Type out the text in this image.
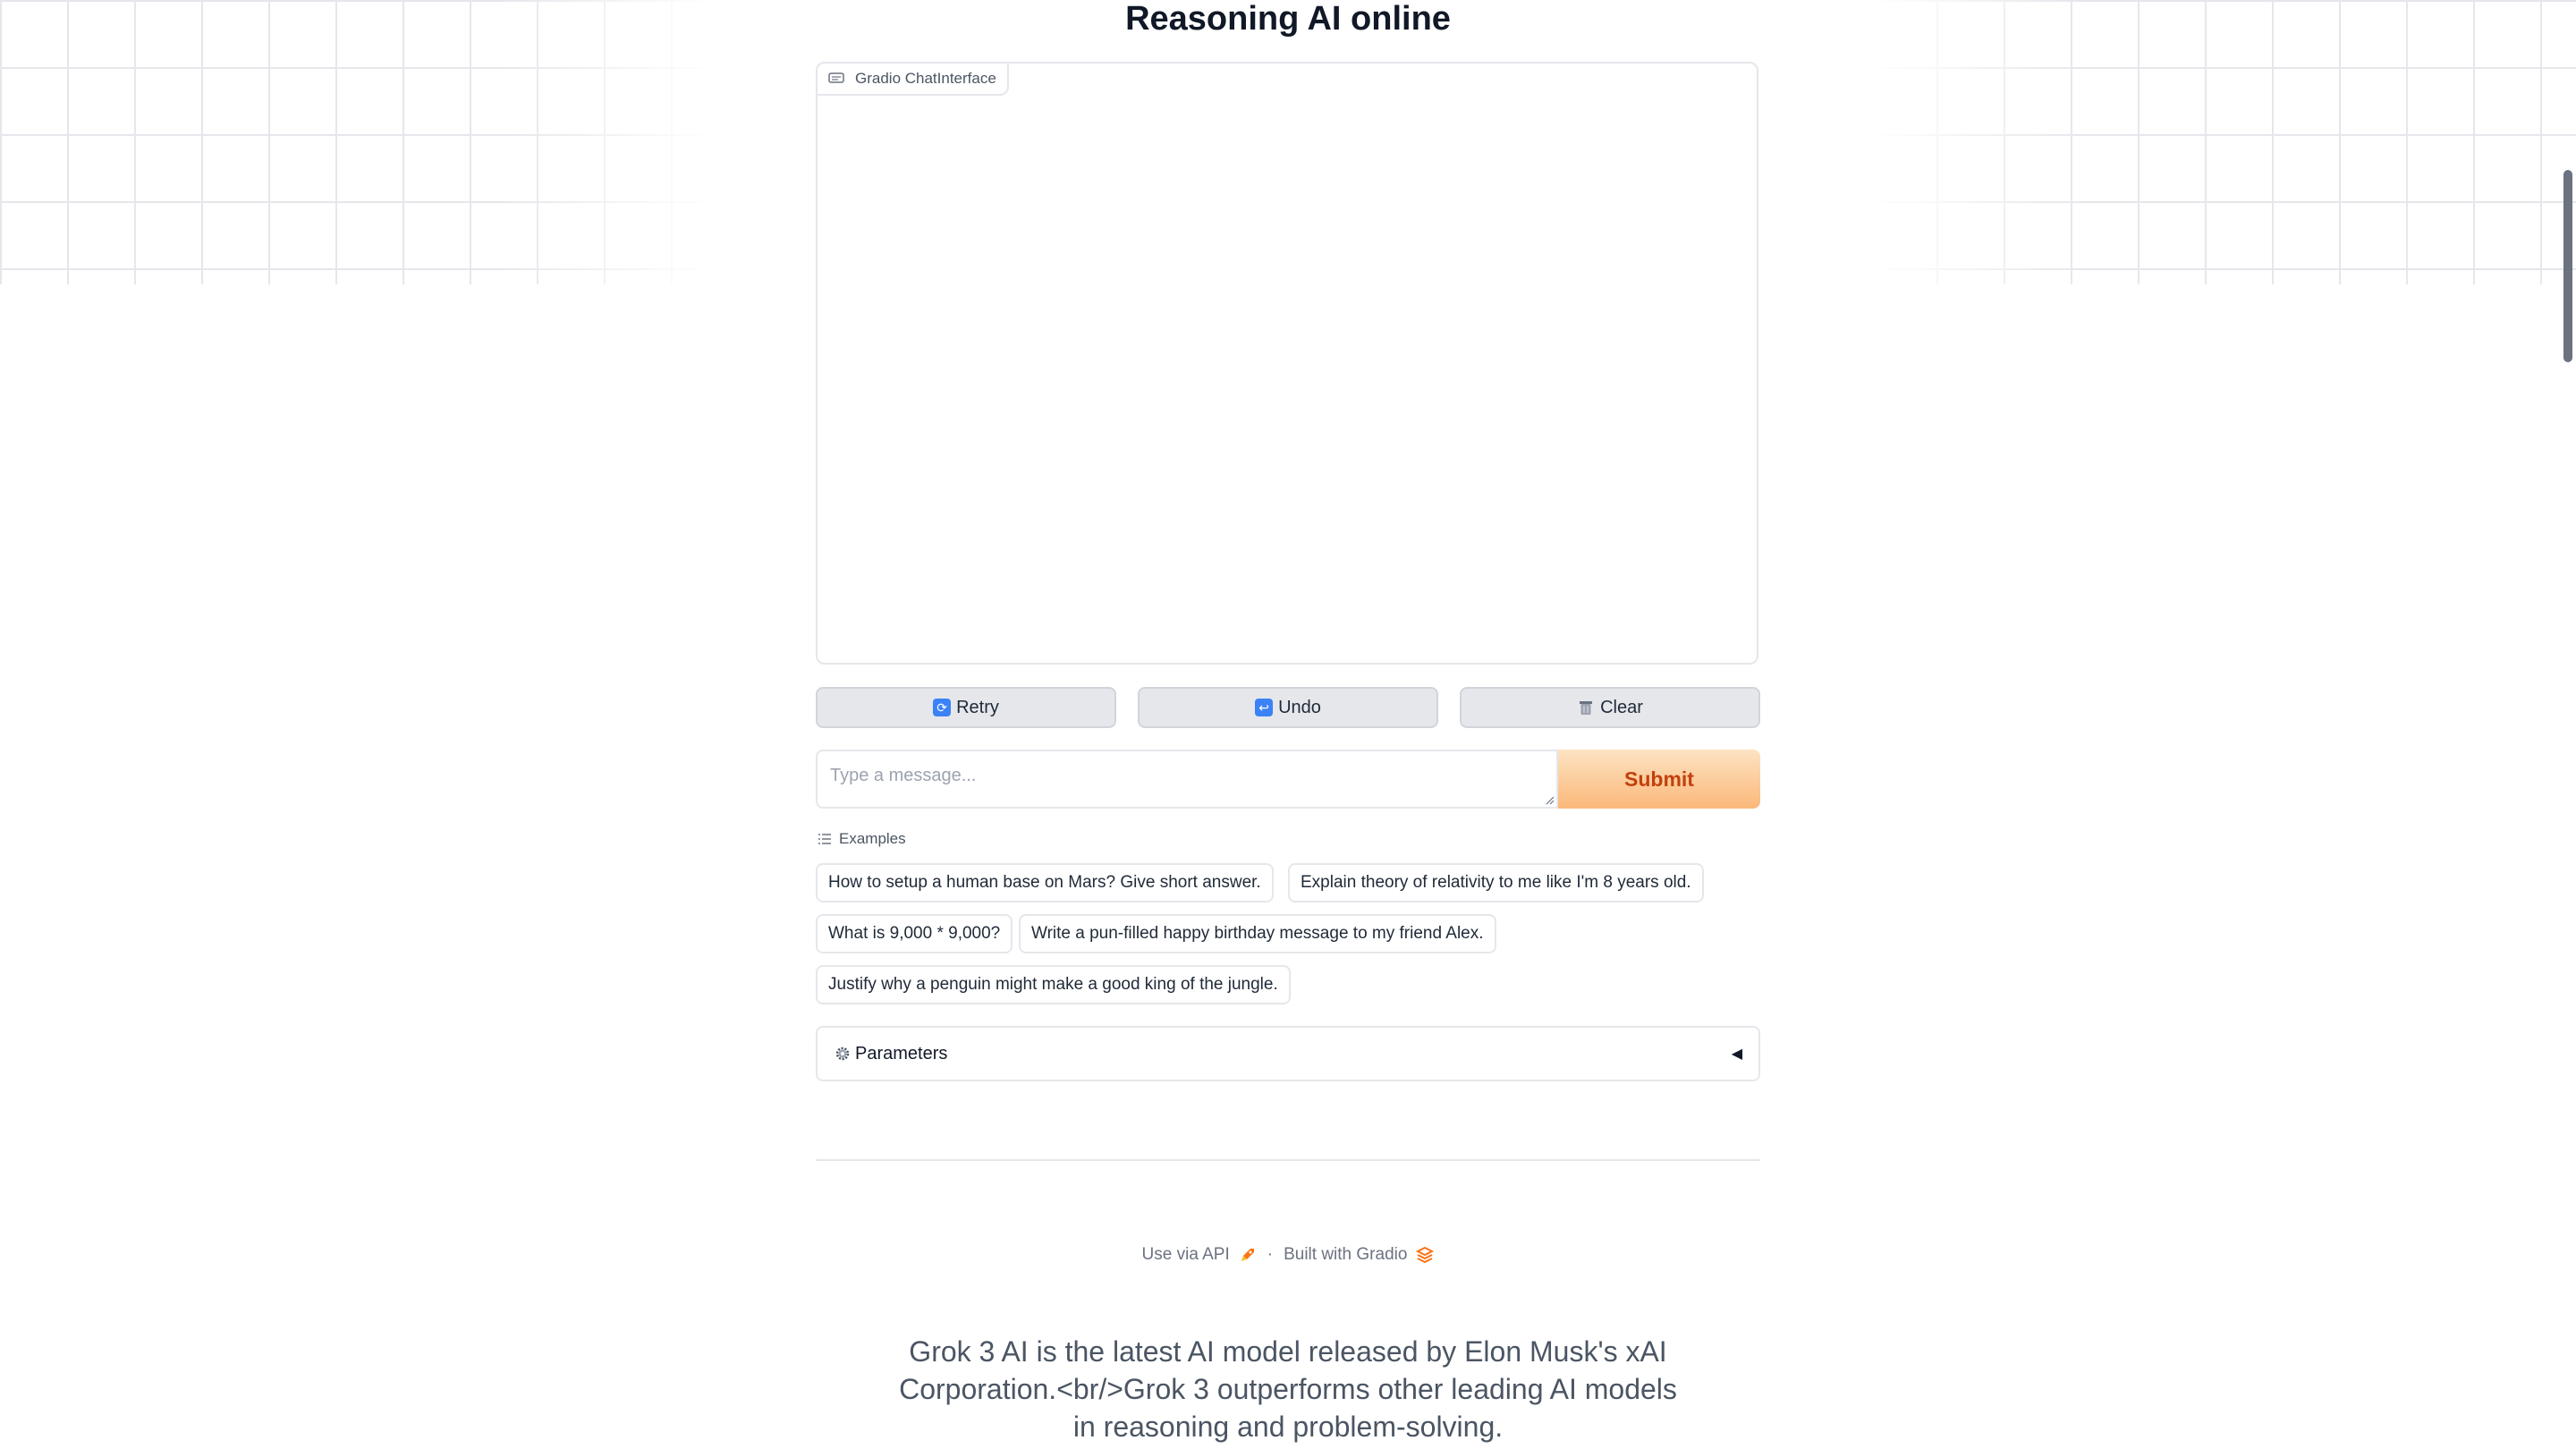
Reasoning AI online
Gradio ChatInterface
⟳ Retry	↩ Undo	Clear
Type a message...
Submit
Examples
How to setup a human base on Mars? Give short answer.	Explain theory of relativity to me like I'm 8 years old.
What is 9,000 * 9,000?	Write a pun-filled happy birthday message to my friend Alex.
Justify why a penguin might make a good king of the jungle.
Parameters	◀
Use via API · Built with Gradio
Grok 3 AI is the latest AI model released by Elon Musk's xAI Corporation.<br/>Grok 3 outperforms other leading AI models in reasoning and problem-solving.
